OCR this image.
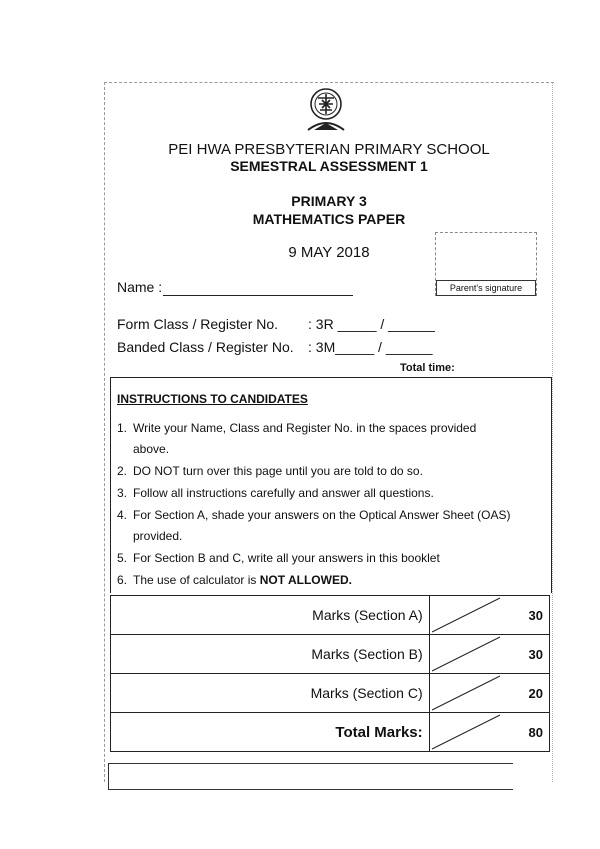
PEI HWA PRESBYTERIAN PRIMARY SCHOOL
SEMESTRAL ASSESSMENT 1
PRIMARY 3
MATHEMATICS PAPER
9 MAY 2018
Parent's signature
Name :
Form Class / Register No. : 3R _____ / ______
Banded Class / Register No. : 3M_____ / ______
Total time:
INSTRUCTIONS TO CANDIDATES
1. Write your Name, Class and Register No. in the spaces provided
above.
2. DO NOT turn over this page until you are told to do so.
3. Follow all instructions carefully and answer all questions.
4. For Section A, shade your answers on the Optical Answer Sheet (OAS)
provided.
5. For Section B and C, write all your answers in this booklet
6. The use of calculator is NOT ALLOWED.
Marks (Section A)		30
Marks (Section B)		30
Marks (Section C)		20
Total Marks:		80
